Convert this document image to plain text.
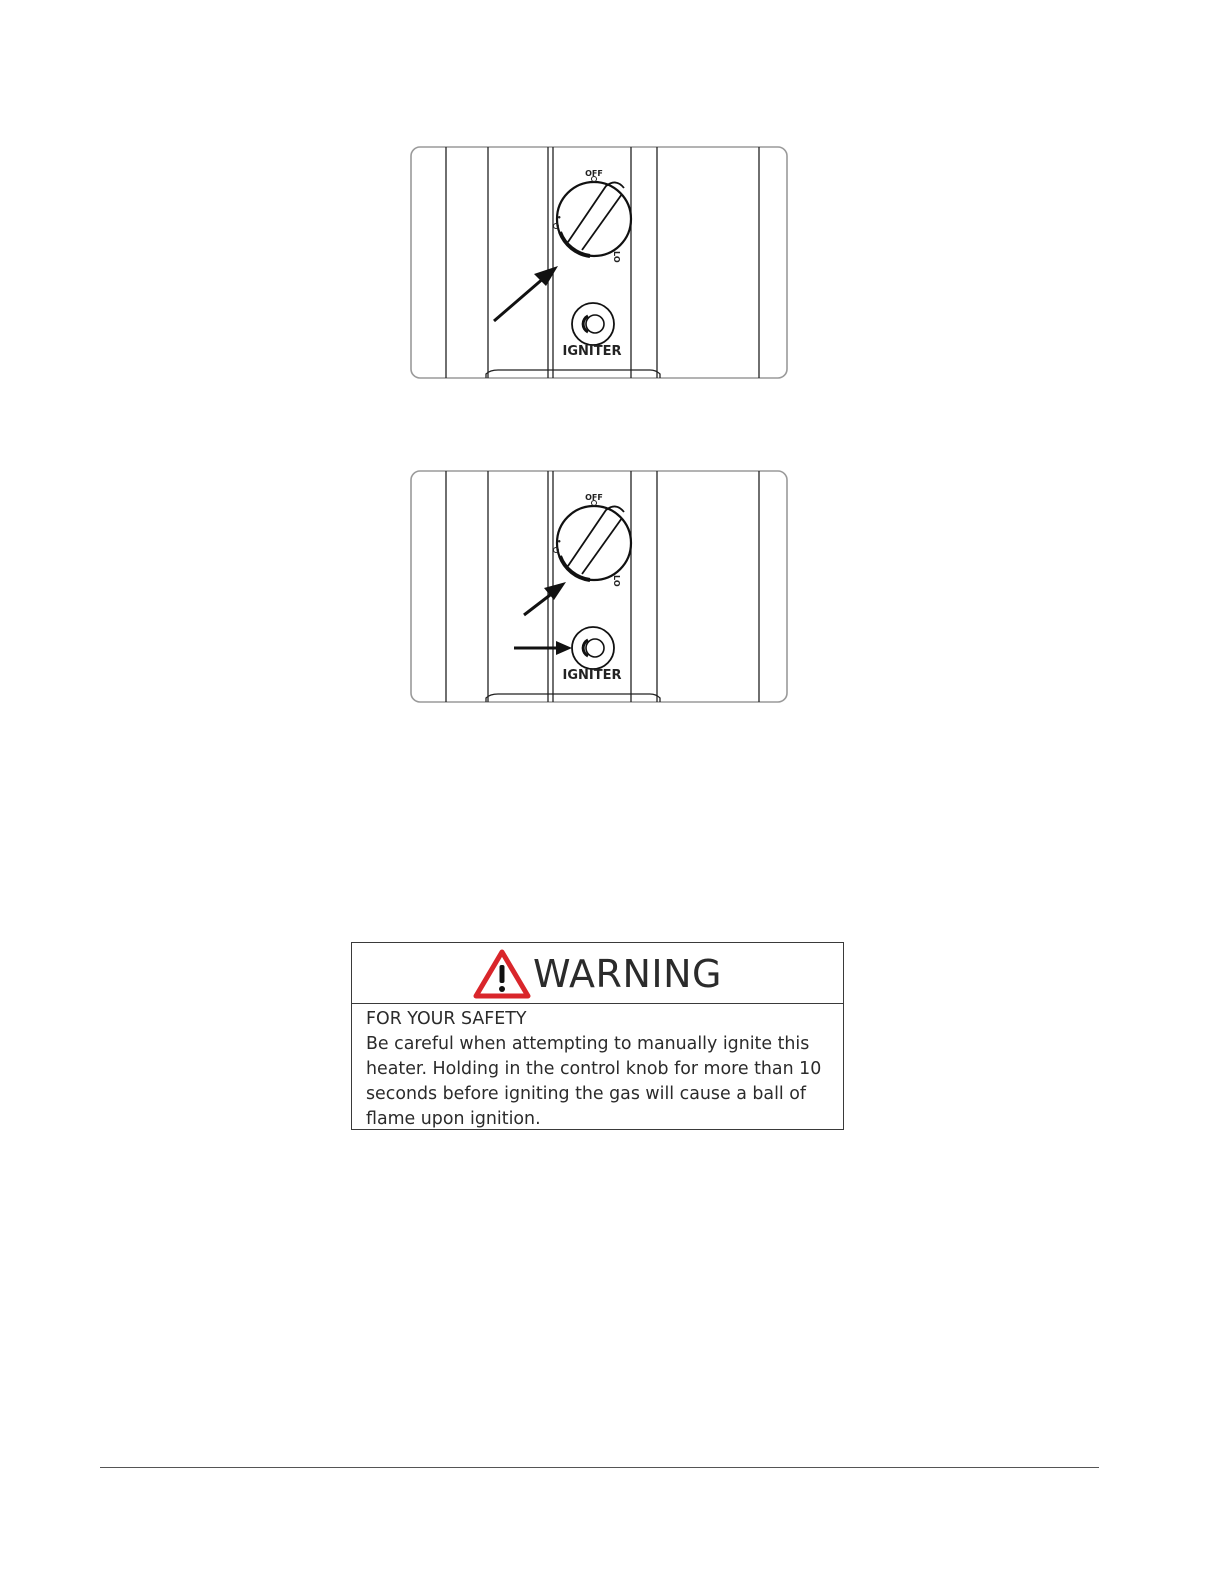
•
OFF
LO
IGNITER
•
OFF
LO
IGNITER
WARNING
FOR YOUR SAFETY
Be careful when attempting to manually ignite this heater. Holding in the control knob for more than 10 seconds before igniting the gas will cause a ball of flame upon ignition.
